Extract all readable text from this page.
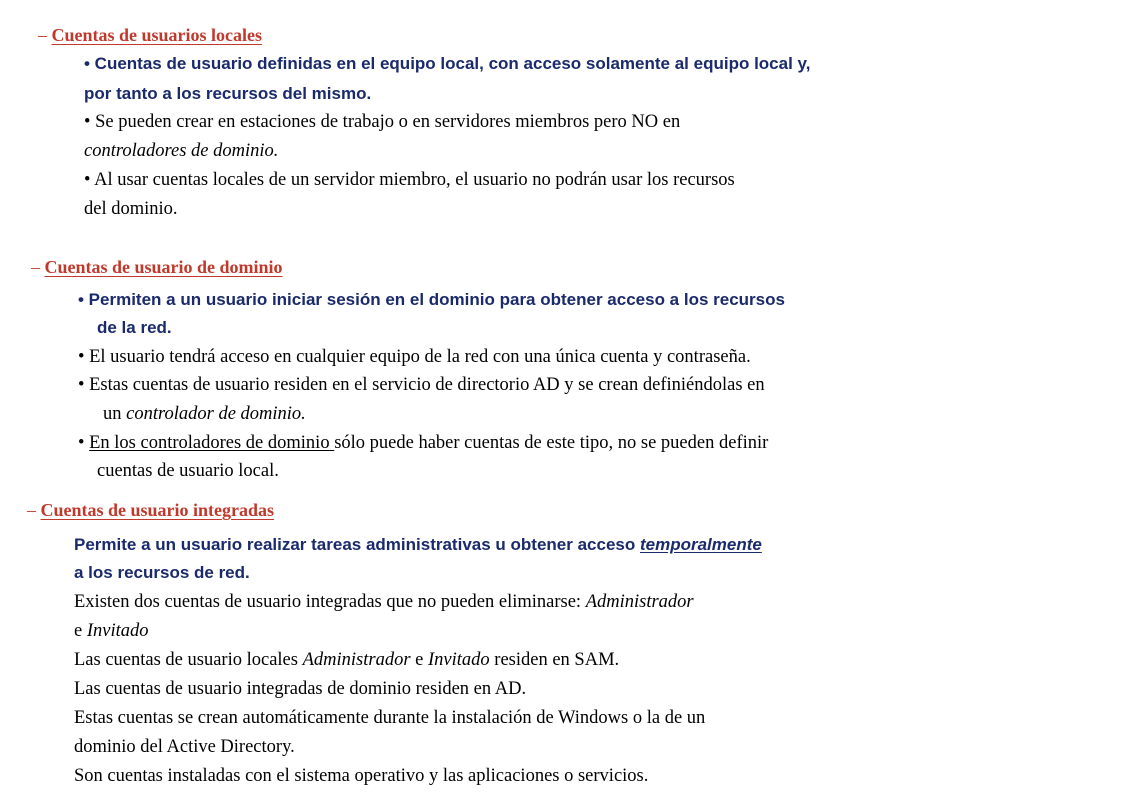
– Cuentas de usuarios locales
• Cuentas de usuario definidas en el equipo local, con acceso solamente al equipo local y,
por tanto a los recursos del mismo.
• Se pueden crear en estaciones de trabajo o en servidores miembros pero NO en
controladores de dominio.
• Al usar cuentas locales de un servidor miembro, el usuario no podrán usar los recursos
del dominio.
– Cuentas de usuario de dominio
• Permiten a un usuario iniciar sesión en el dominio para obtener acceso a los recursos
de la red.
• El usuario tendrá acceso en cualquier equipo de la red con una única cuenta y contraseña.
• Estas cuentas de usuario residen en el servicio de directorio AD y se crean definiéndolas en
un controlador de dominio.
• En los controladores de dominio sólo puede haber cuentas de este tipo, no se pueden definir
cuentas de usuario local.
– Cuentas de usuario integradas
Permite a un usuario realizar tareas administrativas u obtener acceso temporalmente
a los recursos de red.
Existen dos cuentas de usuario integradas que no pueden eliminarse: Administrador
e Invitado
Las cuentas de usuario locales Administrador e Invitado residen en SAM.
Las cuentas de usuario integradas de dominio residen en AD.
Estas cuentas se crean automáticamente durante la instalación de Windows o la de un
dominio del Active Directory.
Son cuentas instaladas con el sistema operativo y las aplicaciones o servicios.
